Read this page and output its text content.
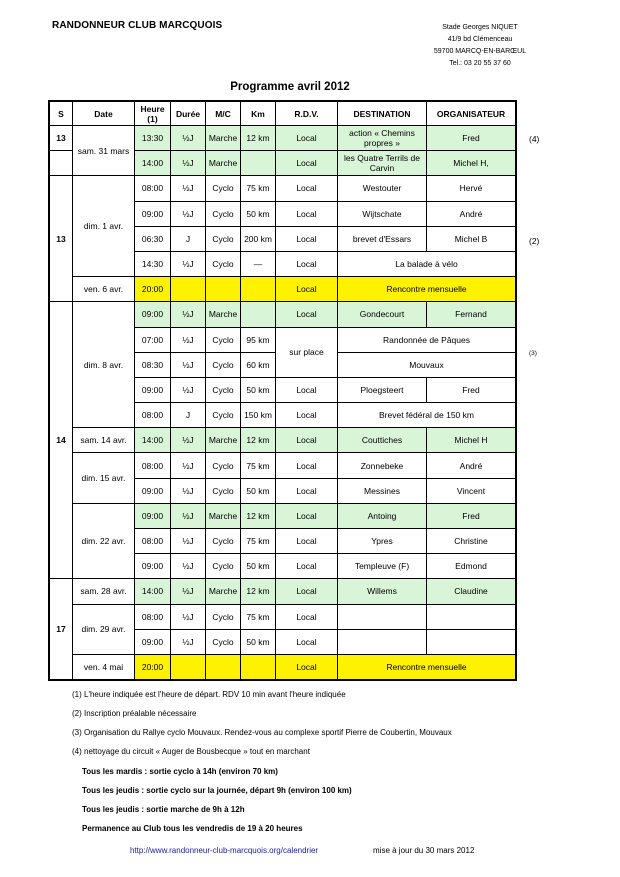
RANDONNEUR CLUB MARCQUOIS	Stade Georges NIQUET
41/9 bd Clémenceau
59700 MARCQ-EN-BARŒUL
Tel.: 03 20 55 37 60
Programme avril 2012
S	Date	Heure (1)	Durée	M/C	Km	R.D.V.	DESTINATION	ORGANISATEUR
13	sam. 31 mars	13:30	½J	Marche	12 km	Local	action « Chemins propres »	Fred
		14:00	½J	Marche		Local	les Quatre Terrils de Carvin	Michel H,
13	dim. 1 avr.	08:00	½J	Cyclo	75 km	Local	Westouter	Hervé
		09:00	½J	Cyclo	50 km	Local	Wijtschate	André
		06:30	J	Cyclo	200 km	Local	brevet d'Essars	Michel B
		14:30	½J	Cyclo	—	Local	La balade à vélo	
	ven. 6 avr.	20:00				Local	Rencontre mensuelle	
14	dim. 8 avr.	09:00	½J	Marche		Local	Gondecourt	Fernand
		07:00	½J	Cyclo	95 km	sur place	Randonnée de Pâques	
		08:30	½J	Cyclo	60 km		Mouvaux	
		09:00	½J	Cyclo	50 km	Local	Ploegsteert	Fred
		08:00	J	Cyclo	150 km	Local	Brevet fédéral de 150 km	
	sam. 14 avr.	14:00	½J	Marche	12 km	Local	Couttiches	Michel H
	dim. 15 avr.	08:00	½J	Cyclo	75 km	Local	Zonnebeke	André
		09:00	½J	Cyclo	50 km	Local	Messines	Vincent
	dim. 22 avr.	09:00	½J	Marche	12 km	Local	Antoing	Fred
		08:00	½J	Cyclo	75 km	Local	Ypres	Christine
		09:00	½J	Cyclo	50 km	Local	Templeuve (F)	Edmond
17	sam. 28 avr.	14:00	½J	Marche	12 km	Local	Willems	Claudine
	dim. 29 avr.	08:00	½J	Cyclo	75 km	Local		
		09:00	½J	Cyclo	50 km	Local		
	ven. 4 mai	20:00				Local	Rencontre mensuelle	
(4)
(2)
(3)
(1) L'heure indiquée est l'heure de départ. RDV 10 min avant l'heure indiquée
(2) Inscription préalable nécessaire
(3) Organisation du Rallye cyclo Mouvaux. Rendez-vous au complexe sportif Pierre de Coubertin, Mouvaux
(4) nettoyage du circuit « Auger de Bousbecque » tout en marchant
Tous les mardis : sortie cyclo à 14h (environ 70 km)
Tous les jeudis : sortie cyclo sur la journée, départ 9h (environ 100 km)
Tous les jeudis : sortie marche de 9h à 12h
Permanence au Club tous les vendredis de 19 à 20 heures
http://www.randonneur-club-marcquois.org/calendrier	mise à jour du 30 mars 2012
